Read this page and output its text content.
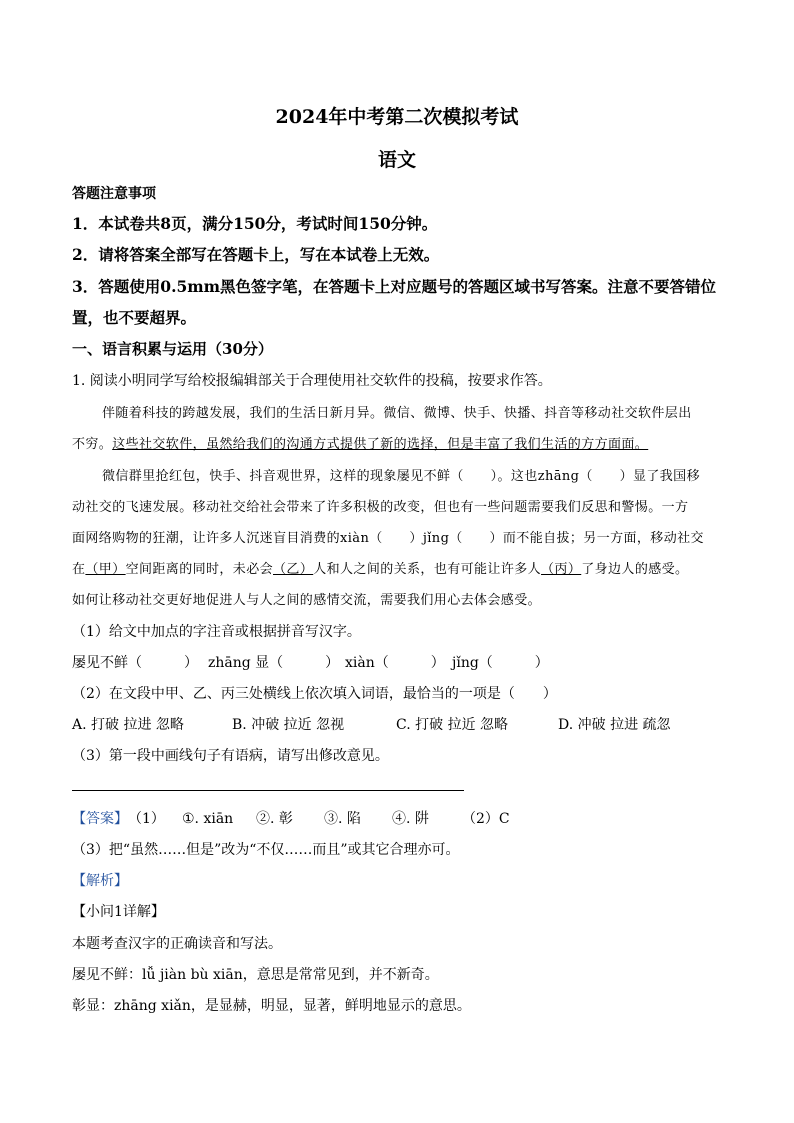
2024年中考第二次模拟考试
语文
答题注意事项
1．本试卷共8页，满分150分，考试时间150分钟。
2．请将答案全部写在答题卡上，写在本试卷上无效。
3．答题使用0.5mm黑色签字笔，在答题卡上对应题号的答题区域书写答案。注意不要答错位
置，也不要超界。
一、语言积累与运用（30分）
1. 阅读小明同学写给校报编辑部关于合理使用社交软件的投稿，按要求作答。
伴随着科技的跨越发展，我们的生活日新月异。微信、微博、快手、快播、抖音等移动社交软件层出
不穷。这些社交软件，虽然给我们的沟通方式提供了新的选择，但是丰富了我们生活的方方面面。
微信群里抢红包，快手、抖音观世界，这样的现象屡见不鲜（　　）。这也zhāng（　　）显了我国移
动社交的飞速发展。移动社交给社会带来了许多积极的改变，但也有一些问题需要我们反思和警惕。一方
面网络购物的狂潮，让许多人沉迷盲目消费的xiàn（　　）jǐng（　　）而不能自拔；另一方面，移动社交
在（甲）空间距离的同时，未必会（乙）人和人之间的关系，也有可能让许多人（丙）了身边人的感受。
如何让移动社交更好地促进人与人之间的感情交流，需要我们用心去体会感受。
（1）给文中加点的字注音或根据拼音写汉字。
屡见不鲜（　　　） zhāng 显（　　　） xiàn（　　　） jǐng（　　　）
（2）在文段中甲、乙、丙三处横线上依次填入词语，最恰当的一项是（　　）
A. 打破 拉进 忽略	B. 冲破 拉近 忽视	C. 打破 拉近 忽略	D. 冲破 拉进 疏忽
（3）第一段中画线句子有语病，请写出修改意见。
【答案】（1） ①. xiān ②. 彰 ③. 陷 ④. 阱 （2）C
（3）把“虽然……但是”改为“不仅……而且”或其它合理亦可。
【解析】
【小问1详解】
本题考查汉字的正确读音和写法。
屡见不鲜：lǚ jiàn bù xiān，意思是常常见到，并不新奇。
彰显：zhāng xiǎn，是显赫，明显，显著，鲜明地显示的意思。
